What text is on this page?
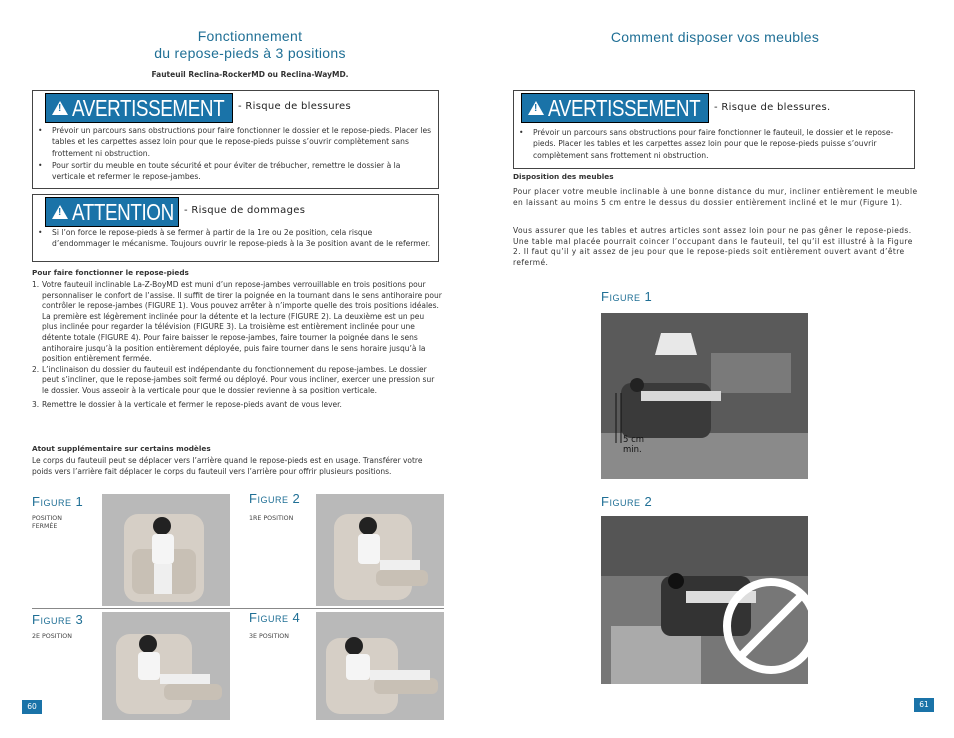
Fonctionnement
du repose-pieds à 3 positions
Fauteuil Reclina-RockerMD ou Reclina-WayMD.
! AVERTISSEMENT - Risque de blessures
• Prévoir un parcours sans obstructions pour faire fonctionner le dossier et le repose-pieds. Placer les tables et les carpettes assez loin pour que le repose-pieds puisse s’ouvrir complètement sans frottement ni obstruction.
• Pour sortir du meuble en toute sécurité et pour éviter de trébucher, remettre le dossier à la verticale et refermer le repose-jambes.
! ATTENTION - Risque de dommages
• Si l’on force le repose-pieds à se fermer à partir de la 1re ou 2e position, cela risque d’endommager le mécanisme. Toujours ouvrir le repose-pieds à la 3e position avant de le refermer.
Pour faire fonctionner le repose-pieds
1. Votre fauteuil inclinable La-Z-BoyMD est muni d’un repose-jambes verrouillable en trois positions pour personnaliser le confort de l’assise. Il suffit de tirer la poignée en la tournant dans le sens antihoraire pour contrôler le repose-jambes (FIGURE 1). Vous pouvez arrêter à n’importe quelle des trois positions idéales. La première est légèrement inclinée pour la détente et la lecture (FIGURE 2). La deuxième est un peu plus inclinée pour regarder la télévision (FIGURE 3). La troisième est entièrement inclinée pour une détente totale (FIGURE 4). Pour faire baisser le repose-jambes, faire tourner la poignée dans le sens antihoraire jusqu’à la position entièrement déployée, puis faire tourner dans le sens horaire jusqu’à la position entièrement fermée.
2. L’inclinaison du dossier du fauteuil est indépendante du fonctionnement du repose-jambes. Le dossier peut s’incliner, que le repose-jambes soit fermé ou déployé. Pour vous incliner, exercer une pression sur le dossier. Vous asseoir à la verticale pour que le dossier revienne à sa position verticale.
3. Remettre le dossier à la verticale et fermer le repose-pieds avant de vous lever.
Atout supplémentaire sur certains modèles
Le corps du fauteuil peut se déplacer vers l’arrière quand le repose-pieds est en usage. Transférer votre poids vers l’arrière fait déplacer le corps du fauteuil vers l’arrière pour offrir plusieurs positions.
Figure 1
POSITION
FERMÉE
Figure 2
1RE POSITION
Figure 3
2E POSITION
Figure 4
3E POSITION
60
Comment disposer vos meubles
! AVERTISSEMENT - Risque de blessures.
• Prévoir un parcours sans obstructions pour faire fonctionner le fauteuil, le dossier et le repose-pieds. Placer les tables et les carpettes assez loin pour que le repose-pieds puisse s’ouvrir complètement sans frottement ni obstruction.
Disposition des meubles
Pour placer votre meuble inclinable à une bonne distance du mur, incliner entièrement le meuble en laissant au moins 5 cm entre le dessus du dossier entièrement incliné et le mur (Figure 1).
Vous assurer que les tables et autres articles sont assez loin pour ne pas gêner le repose-pieds. Une table mal placée pourrait coincer l’occupant dans le fauteuil, tel qu’il est illustré à la Figure 2. Il faut qu’il y ait assez de jeu pour que le repose-pieds soit entièrement ouvert avant d’être refermé.
Figure 1
5 cm min.
Figure 2
61
